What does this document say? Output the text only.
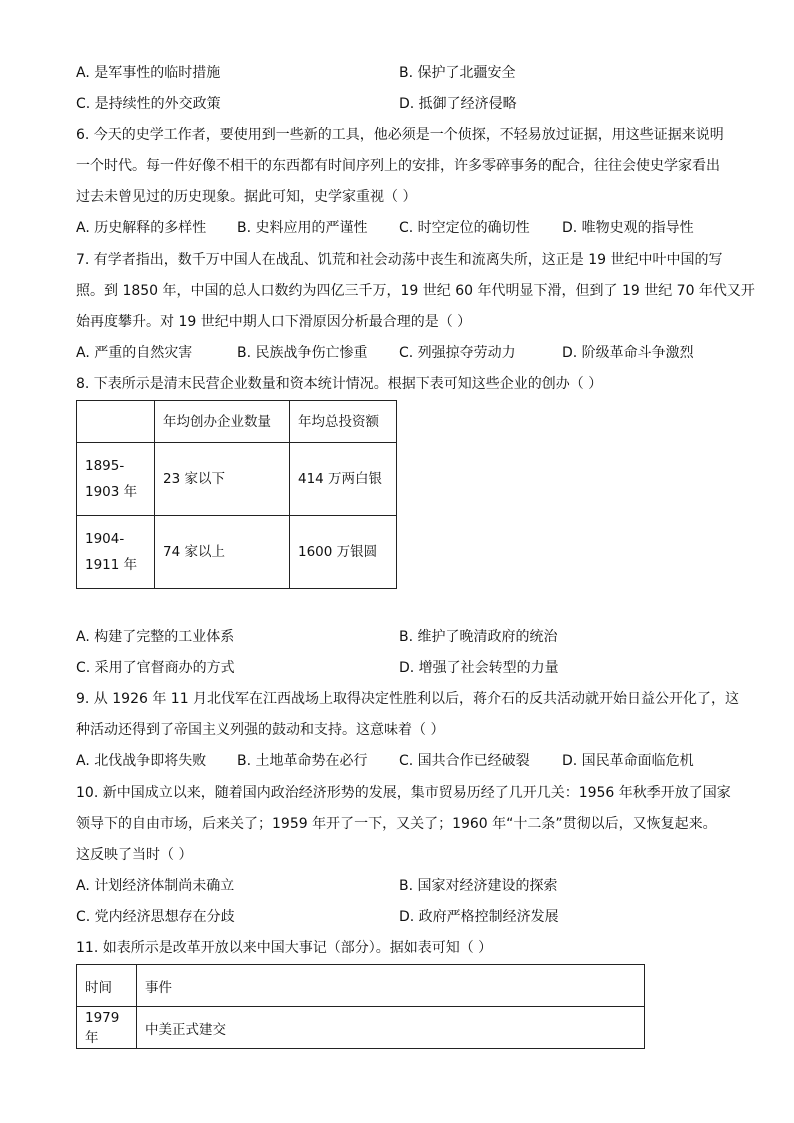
A. 是军事性的临时措施	B. 保护了北疆安全
C. 是持续性的外交政策	D. 抵御了经济侵略
6. 今天的史学工作者，要使用到一些新的工具，他必须是一个侦探，不轻易放过证据，用这些证据来说明
一个时代。每一件好像不相干的东西都有时间序列上的安排，许多零碎事务的配合，往往会使史学家看出
过去未曾见过的历史现象。据此可知，史学家重视（ ）
A. 历史解释的多样性 B. 史料应用的严谨性 C. 时空定位的确切性 D. 唯物史观的指导性
7. 有学者指出，数千万中国人在战乱、饥荒和社会动荡中丧生和流离失所，这正是 19 世纪中叶中国的写
照。到 1850 年，中国的总人口数约为四亿三千万，19 世纪 60 年代明显下滑，但到了 19 世纪 70 年代又开
始再度攀升。对 19 世纪中期人口下滑原因分析最合理的是（ ）
A. 严重的自然灾害	B. 民族战争伤亡惨重 C. 列强掠夺劳动力	D. 阶级革命斗争激烈
8. 下表所示是清末民营企业数量和资本统计情况。根据下表可知这些企业的创办（ ）
	年均创办企业数量	年均总投资额
1895-
1903 年	23 家以下	414 万两白银
1904-
1911 年	74 家以上	1600 万银圆
A. 构建了完整的工业体系	B. 维护了晚清政府的统治
C. 采用了官督商办的方式	D. 增强了社会转型的力量
9. 从 1926 年 11 月北伐军在江西战场上取得决定性胜利以后，蒋介石的反共活动就开始日益公开化了，这
种活动还得到了帝国主义列强的鼓动和支持。这意味着（ ）
A. 北伐战争即将失败 B. 土地革命势在必行 C. 国共合作已经破裂 D. 国民革命面临危机
10. 新中国成立以来，随着国内政治经济形势的发展，集市贸易历经了几开几关：1956 年秋季开放了国家
领导下的自由市场，后来关了；1959 年开了一下，又关了；1960 年“十二条”贯彻以后，又恢复起来。
这反映了当时（ ）
A. 计划经济体制尚未确立	B. 国家对经济建设的探索
C. 党内经济思想存在分歧	D. 政府严格控制经济发展
11. 如表所示是改革开放以来中国大事记（部分）。据如表可知（ ）
时间	事件
1979 年	中美正式建交
